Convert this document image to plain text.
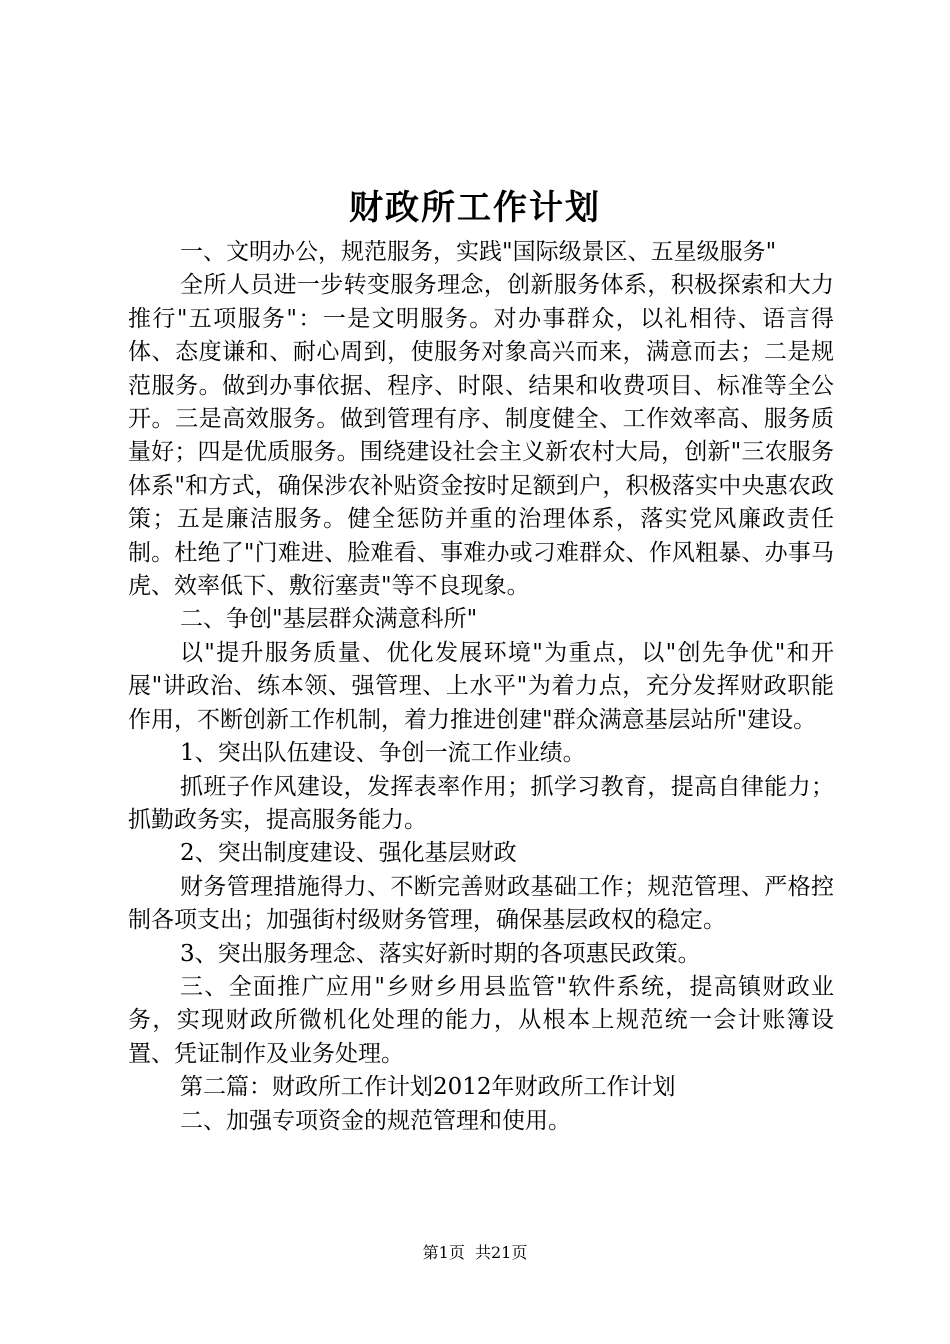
财政所工作计划

一、文明办公，规范服务，实践"国际级景区、五星级服务"

全所人员进一步转变服务理念，创新服务体系，积极探索和大力推行"五项服务"：一是文明服务。对办事群众，以礼相待、语言得体、态度谦和、耐心周到，使服务对象高兴而来，满意而去；二是规范服务。做到办事依据、程序、时限、结果和收费项目、标准等全公开。三是高效服务。做到管理有序、制度健全、工作效率高、服务质量好；四是优质服务。围绕建设社会主义新农村大局，创新"三农服务体系"和方式，确保涉农补贴资金按时足额到户，积极落实中央惠农政策；五是廉洁服务。健全惩防并重的治理体系，落实党风廉政责任制。杜绝了"门难进、脸难看、事难办或刁难群众、作风粗暴、办事马虎、效率低下、敷衍塞责"等不良现象。

二、争创"基层群众满意科所"

以"提升服务质量、优化发展环境"为重点，以"创先争优"和开展"讲政治、练本领、强管理、上水平"为着力点，充分发挥财政职能作用，不断创新工作机制，着力推进创建"群众满意基层站所"建设。

1、突出队伍建设、争创一流工作业绩。

抓班子作风建设，发挥表率作用；抓学习教育，提高自律能力；抓勤政务实，提高服务能力。

2、突出制度建设、强化基层财政

财务管理措施得力、不断完善财政基础工作；规范管理、严格控制各项支出；加强街村级财务管理，确保基层政权的稳定。

3、突出服务理念、落实好新时期的各项惠民政策。

三、全面推广应用"乡财乡用县监管"软件系统，提高镇财政业务，实现财政所微机化处理的能力，从根本上规范统一会计账簿设置、凭证制作及业务处理。

第二篇：财政所工作计划2012年财政所工作计划

二、加强专项资金的规范管理和使用。

第1页  共21页
